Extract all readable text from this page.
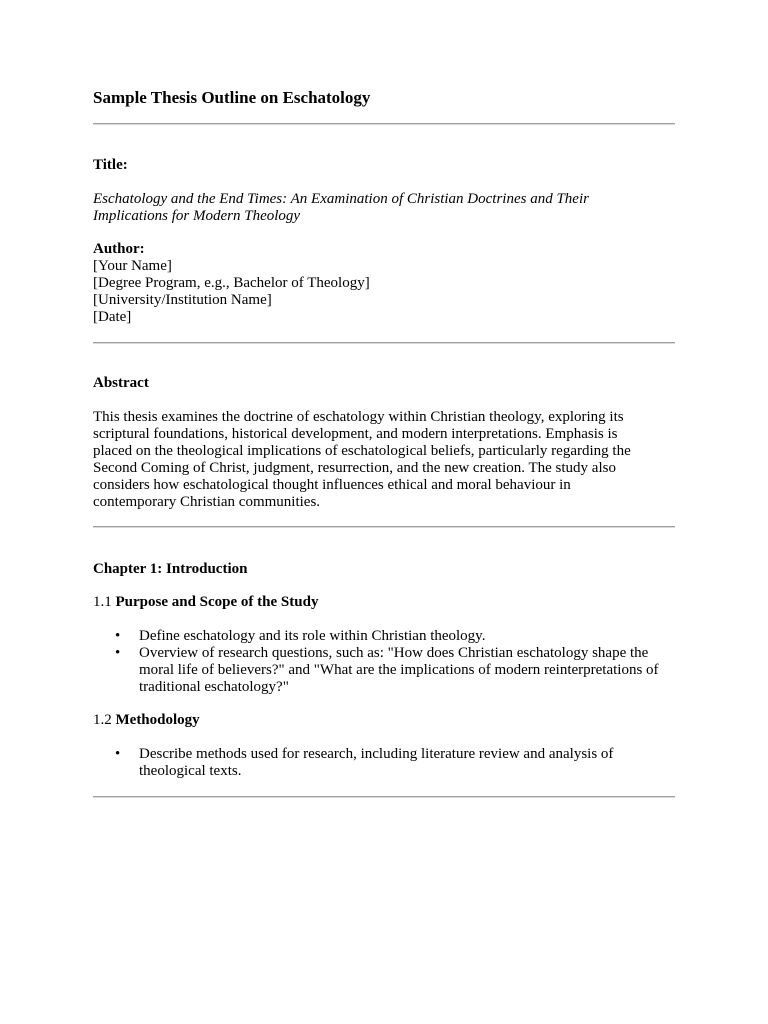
Sample Thesis Outline on Eschatology
Title:
Eschatology and the End Times: An Examination of Christian Doctrines and Their Implications for Modern Theology
Author:
[Your Name]
[Degree Program, e.g., Bachelor of Theology]
[University/Institution Name]
[Date]
Abstract
This thesis examines the doctrine of eschatology within Christian theology, exploring its scriptural foundations, historical development, and modern interpretations. Emphasis is placed on the theological implications of eschatological beliefs, particularly regarding the Second Coming of Christ, judgment, resurrection, and the new creation. The study also considers how eschatological thought influences ethical and moral behaviour in contemporary Christian communities.
Chapter 1: Introduction
1.1 Purpose and Scope of the Study
• Define eschatology and its role within Christian theology.
• Overview of research questions, such as: "How does Christian eschatology shape the moral life of believers?" and "What are the implications of modern reinterpretations of traditional eschatology?"
1.2 Methodology
• Describe methods used for research, including literature review and analysis of theological texts.
